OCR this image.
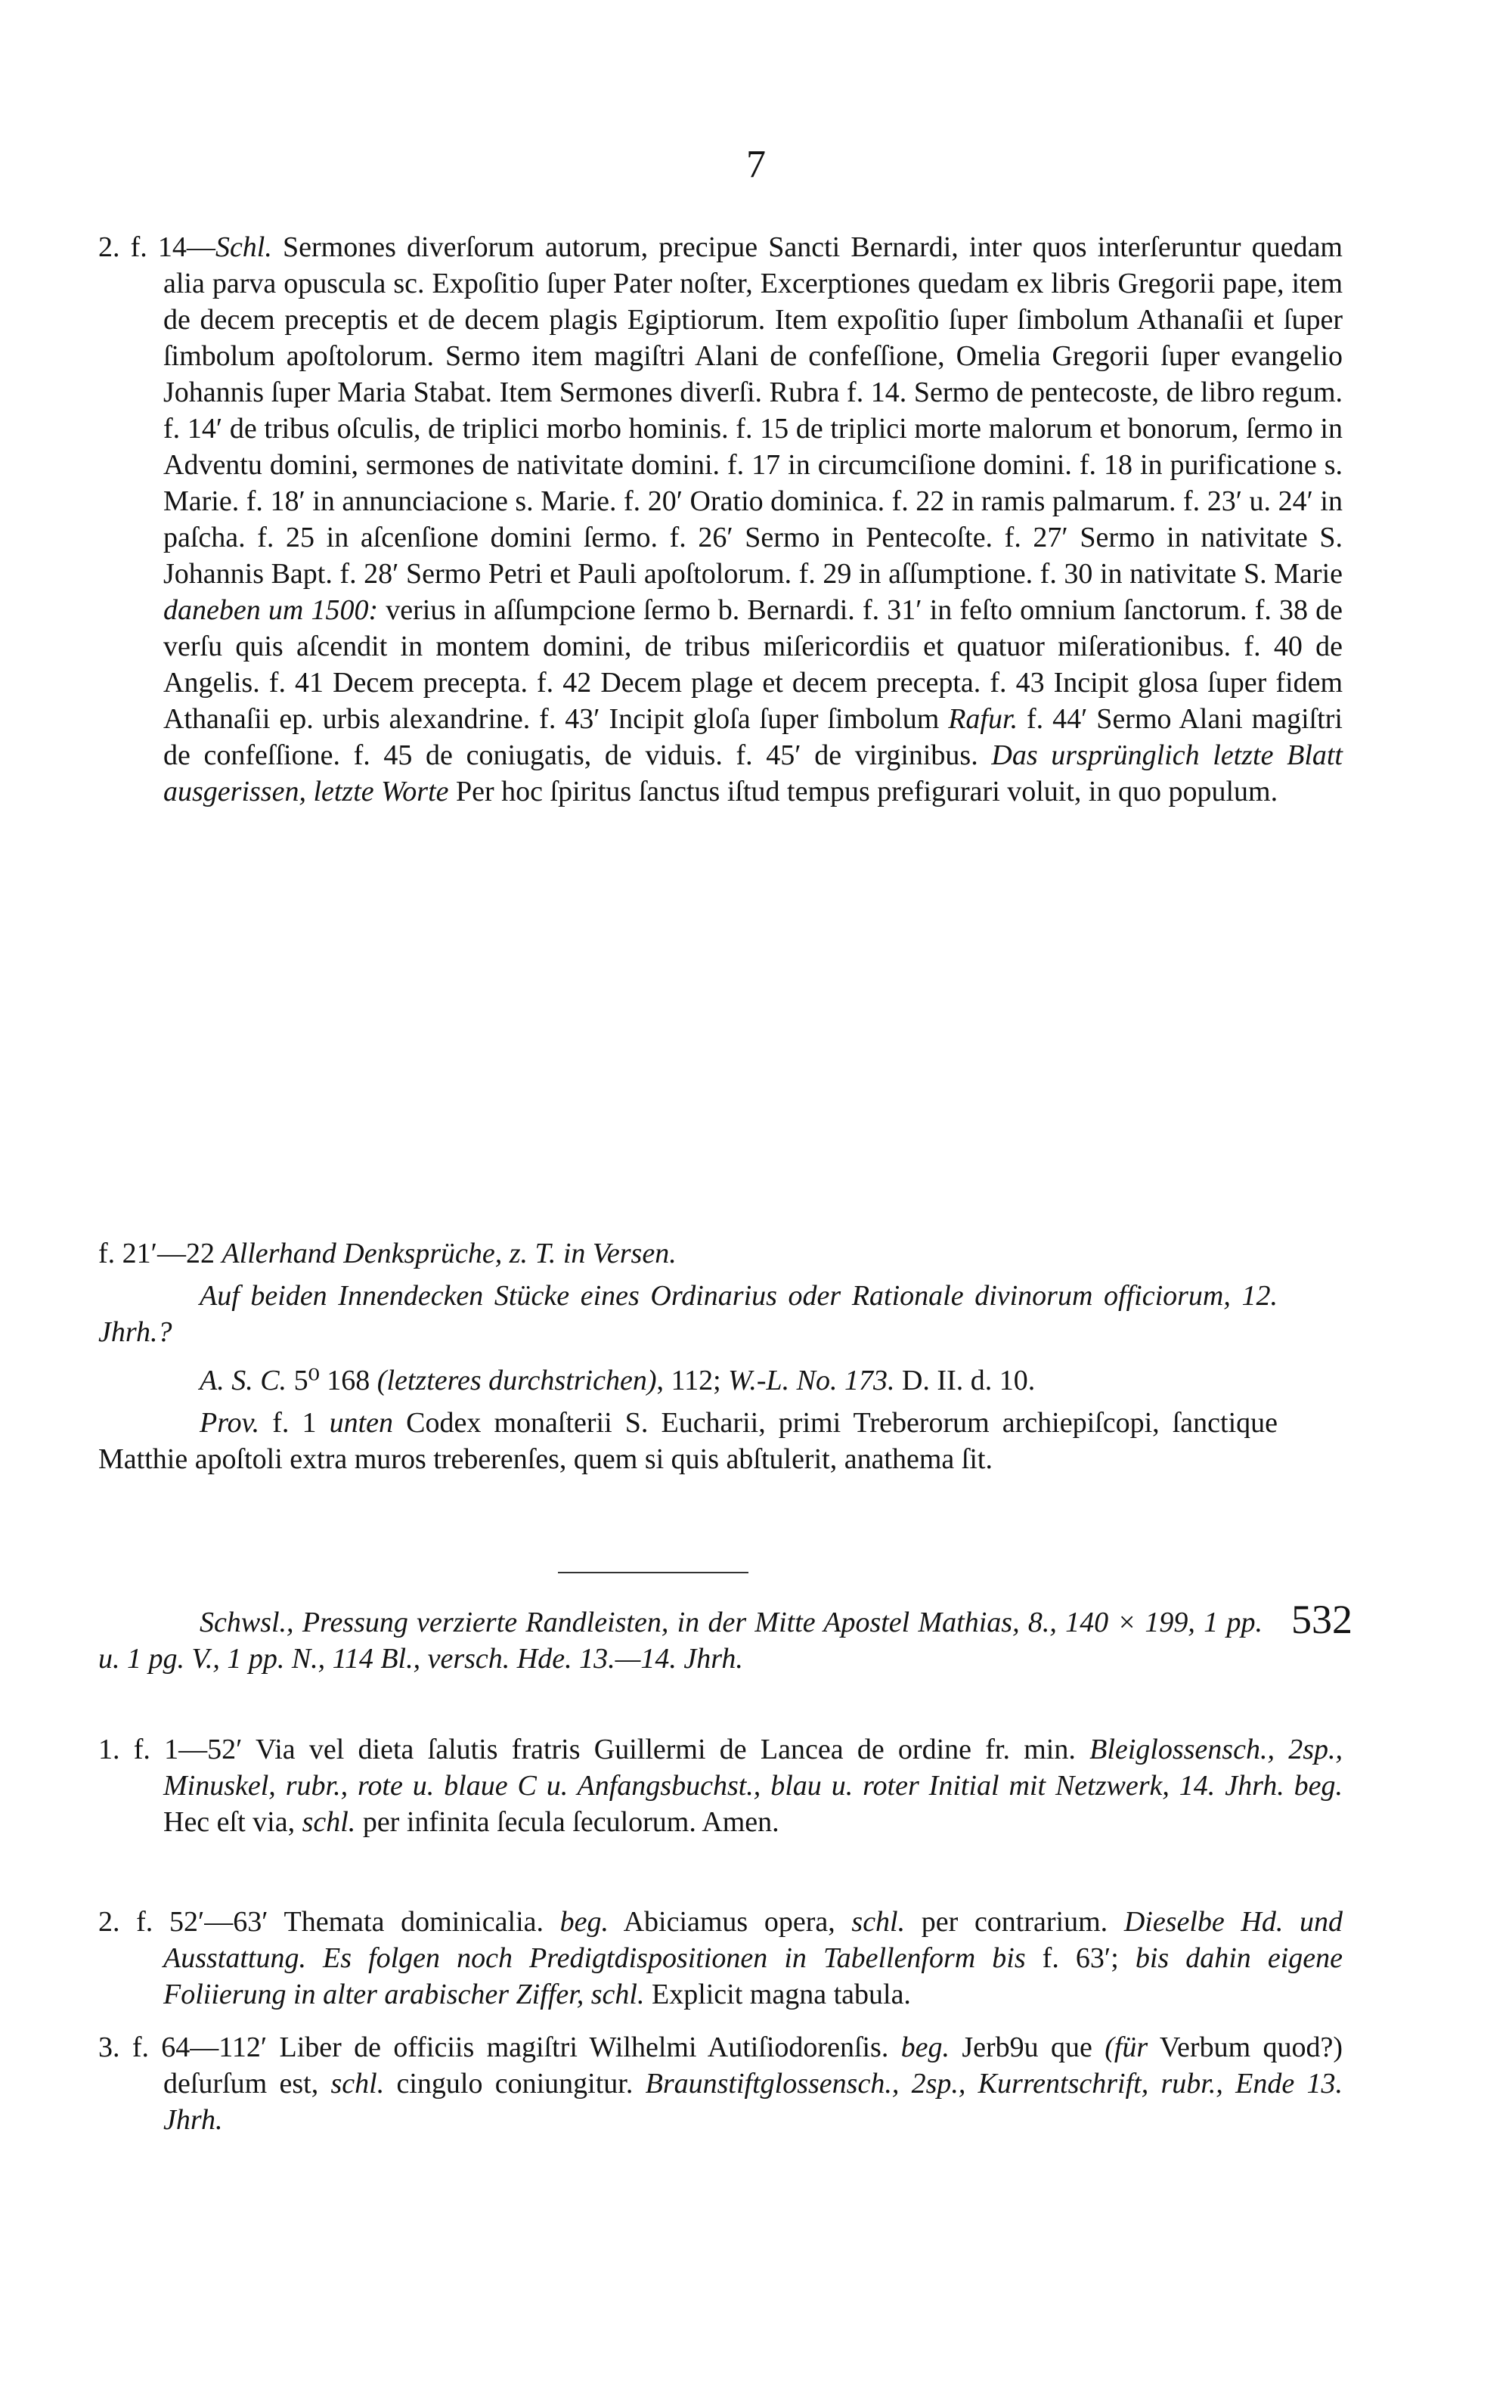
7

2. f. 14—Schl. Sermones diverſorum autorum, precipue Sancti Bernardi, inter quos interſeruntur quedam alia parva opuscula sc. Expoſitio ſuper Pater noſter, Excerptiones quedam ex libris Gregorii pape, item de decem preceptis et de decem plagis Egiptiorum. Item expoſitio ſuper ſimbolum Athanaſii et ſuper ſimbolum apoſtolorum. Sermo item magiſtri Alani de confeſſione, Omelia Gregorii ſuper evangelio Johannis ſuper Maria Stabat. Item Sermones diverſi. Rubra f. 14. Sermo de pentecoste, de libro regum. f. 14′ de tribus oſculis, de triplici morbo hominis. f. 15 de triplici morte malorum et bonorum, ſermo in Adventu domini, sermones de nativitate domini. f. 17 in circumciſione domini. f. 18 in purificatione s. Marie. f. 18′ in annunciacione s. Marie. f. 20′ Oratio dominica. f. 22 in ramis palmarum. f. 23′ u. 24′ in paſcha. f. 25 in aſcenſione domini ſermo. f. 26′ Sermo in Pentecoſte. f. 27′ Sermo in nativitate S. Johannis Bapt. f. 28′ Sermo Petri et Pauli apoſtolorum. f. 29 in aſſumptione. f. 30 in nativitate S. Marie daneben um 1500: verius in aſſumpcione ſermo b. Bernardi. f. 31′ in feſto omnium ſanctorum. f. 38 de verſu quis aſcendit in montem domini, de tribus miſericordiis et quatuor miſerationibus. f. 40 de Angelis. f. 41 Decem precepta. f. 42 Decem plage et decem precepta. f. 43 Incipit glosa ſuper fidem Athanaſii ep. urbis alexandrine. f. 43′ Incipit gloſa ſuper ſimbolum Rafur. f. 44′ Sermo Alani magiſtri de confeſſione. f. 45 de coniugatis, de viduis. f. 45′ de virginibus. Das ursprünglich letzte Blatt ausgerissen, letzte Worte Per hoc ſpiritus ſanctus iſtud tempus prefigurari voluit, in quo populum.

f. 21′—22 Allerhand Denksprüche, z. T. in Versen.

Auf beiden Innendecken Stücke eines Ordinarius oder Rationale divinorum officiorum, 12. Jhrh.?

A. S. C. 5⁰ 168 (letzteres durchstrichen), 112; W.-L. No. 173. D. II. d. 10.

Prov. f. 1 unten Codex monaſterii S. Eucharii, primi Treberorum archiepiſcopi, ſanctique Matthie apoſtoli extra muros treberenſes, quem si quis abſtulerit, anathema ſit.

532

Schwsl., Pressung verzierte Randleisten, in der Mitte Apostel Mathias, 8., 140 × 199, 1 pp. u. 1 pg. V., 1 pp. N., 114 Bl., versch. Hde. 13.—14. Jhrh.

1. f. 1—52′ Via vel dieta ſalutis fratris Guillermi de Lancea de ordine fr. min. Bleiglossensch., 2sp., Minuskel, rubr., rote u. blaue C u. Anfangsbuchst., blau u. roter Initial mit Netzwerk, 14. Jhrh. beg. Hec eſt via, schl. per infinita ſecula ſeculorum. Amen.

2. f. 52′—63′ Themata dominicalia. beg. Abiciamus opera, schl. per contrarium. Dieselbe Hd. und Ausstattung. Es folgen noch Predigtdispositionen in Tabellenform bis f. 63′; bis dahin eigene Foliierung in alter arabischer Ziffer, schl. Explicit magna tabula.

3. f. 64—112′ Liber de officiis magiſtri Wilhelmi Autiſiodorenſis. beg. Jerb9u que (für Verbum quod?) deſurſum est, schl. cingulo coniungitur. Braunstiftglossensch., 2sp., Kurrentschrift, rubr., Ende 13. Jhrh.
